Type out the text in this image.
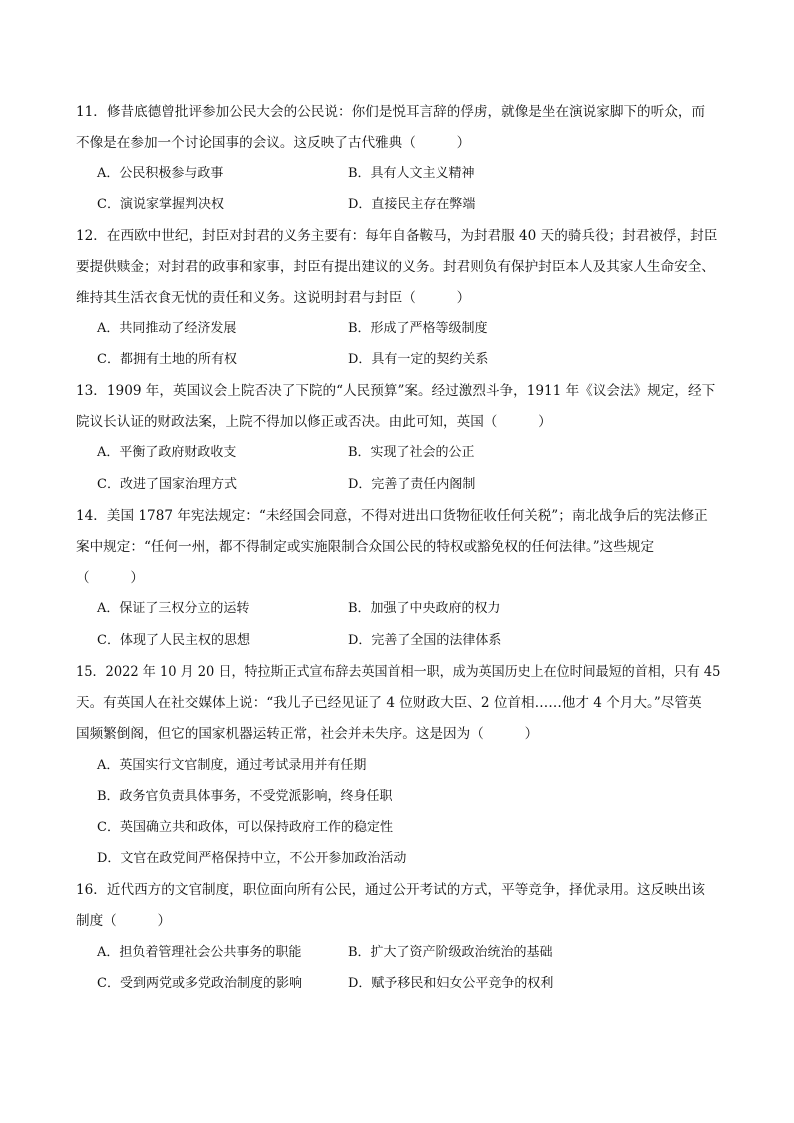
11．修昔底德曾批评参加公民大会的公民说：你们是悦耳言辞的俘虏，就像是坐在演说家脚下的听众，而
不像是在参加一个讨论国事的会议。这反映了古代雅典（　　　）
A．公民积极参与政事	B．具有人文主义精神
C．演说家掌握判决权	D．直接民主存在弊端
12．在西欧中世纪，封臣对封君的义务主要有：每年自备鞍马，为封君服 40 天的骑兵役；封君被俘，封臣
要提供赎金；对封君的政事和家事，封臣有提出建议的义务。封君则负有保护封臣本人及其家人生命安全、
维持其生活衣食无忧的责任和义务。这说明封君与封臣（　　　）
A．共同推动了经济发展	B．形成了严格等级制度
C．都拥有土地的所有权	D．具有一定的契约关系
13．1909 年，英国议会上院否决了下院的“人民预算”案。经过激烈斗争，1911 年《议会法》规定，经下
院议长认证的财政法案，上院不得加以修正或否决。由此可知，英国（　　　）
A．平衡了政府财政收支	B．实现了社会的公正
C．改进了国家治理方式	D．完善了责任内阁制
14．美国 1787 年宪法规定：“未经国会同意，不得对进出口货物征收任何关税”；南北战争后的宪法修正
案中规定：“任何一州，都不得制定或实施限制合众国公民的特权或豁免权的任何法律。”这些规定
（　　　）
A．保证了三权分立的运转	B．加强了中央政府的权力
C．体现了人民主权的思想	D．完善了全国的法律体系
15．2022 年 10 月 20 日，特拉斯正式宣布辞去英国首相一职，成为英国历史上在位时间最短的首相，只有 45
天。有英国人在社交媒体上说：“我儿子已经见证了 4 位财政大臣、2 位首相……他才 4 个月大。”尽管英
国频繁倒阁，但它的国家机器运转正常，社会并未失序。这是因为（　　　）
A．英国实行文官制度，通过考试录用并有任期
B．政务官负责具体事务，不受党派影响，终身任职
C．英国确立共和政体，可以保持政府工作的稳定性
D．文官在政党间严格保持中立，不公开参加政治活动
16．近代西方的文官制度，职位面向所有公民，通过公开考试的方式，平等竞争，择优录用。这反映出该
制度（　　　）
A．担负着管理社会公共事务的职能	B．扩大了资产阶级政治统治的基础
C．受到两党或多党政治制度的影响	D．赋予移民和妇女公平竞争的权利
